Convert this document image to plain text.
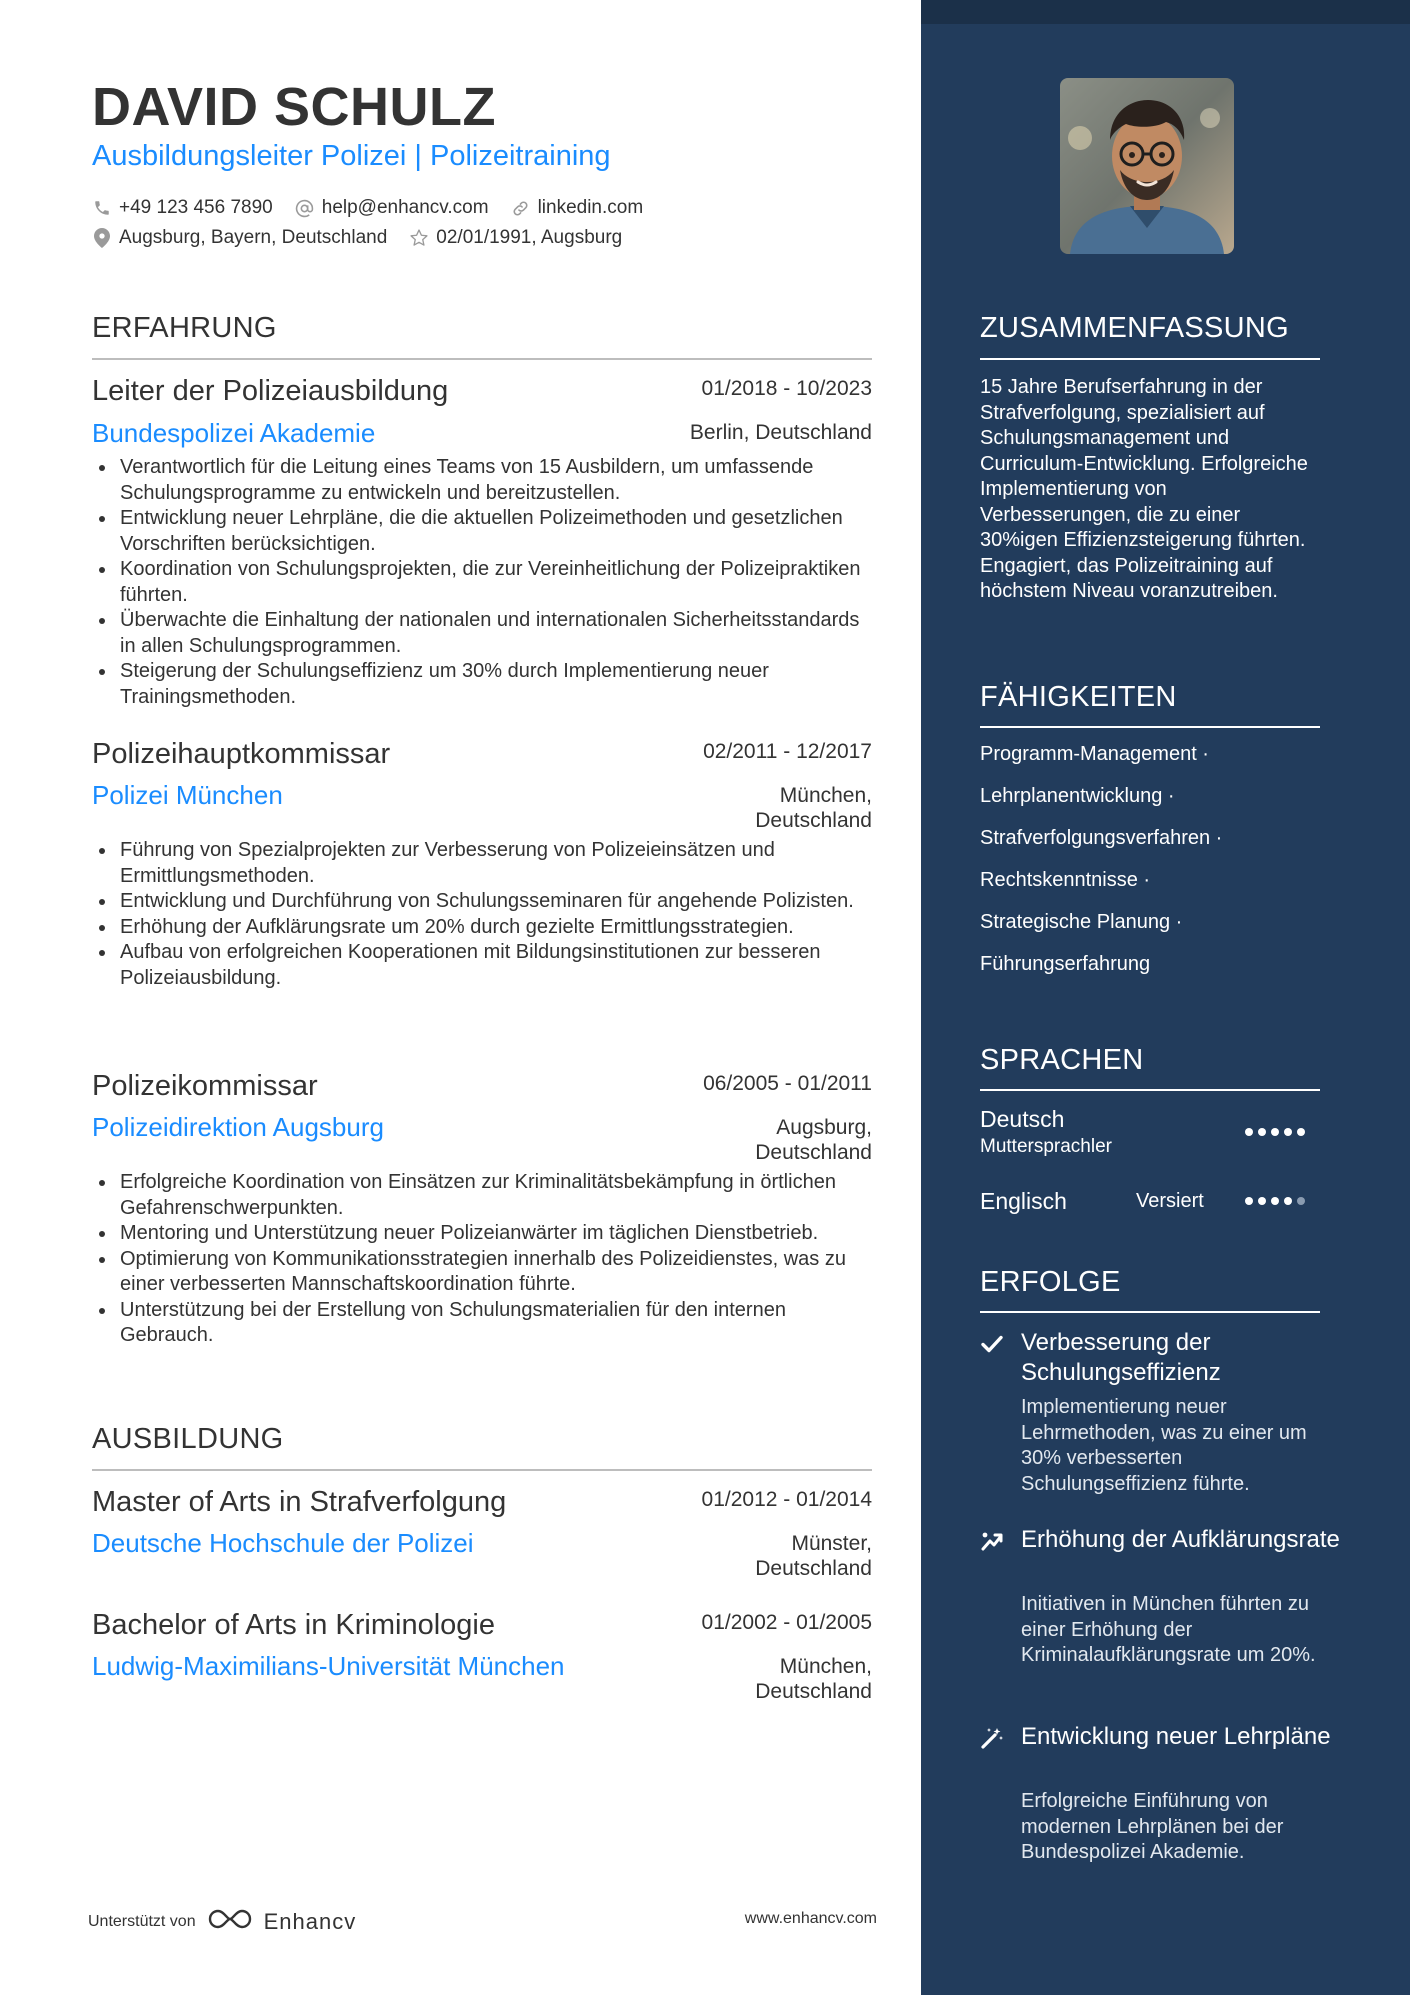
DAVID SCHULZ
Ausbildungsleiter Polizei | Polizeitraining
+49 123 456 7890	help@enhancv.com	linkedin.com
Augsburg, Bayern, Deutschland	02/01/1991, Augsburg
ERFAHRUNG
Leiter der Polizeiausbildung	01/2018 - 10/2023
Bundespolizei Akademie	Berlin, Deutschland
Verantwortlich für die Leitung eines Teams von 15 Ausbildern, um umfassende Schulungsprogramme zu entwickeln und bereitzustellen.
Entwicklung neuer Lehrpläne, die die aktuellen Polizeimethoden und gesetzlichen Vorschriften berücksichtigen.
Koordination von Schulungsprojekten, die zur Vereinheitlichung der Polizeipraktiken führten.
Überwachte die Einhaltung der nationalen und internationalen Sicherheitsstandards in allen Schulungsprogrammen.
Steigerung der Schulungseffizienz um 30% durch Implementierung neuer Trainingsmethoden.
Polizeihauptkommissar	02/2011 - 12/2017
Polizei München	München,
Deutschland
Führung von Spezialprojekten zur Verbesserung von Polizeieinsätzen und Ermittlungsmethoden.
Entwicklung und Durchführung von Schulungsseminaren für angehende Polizisten.
Erhöhung der Aufklärungsrate um 20% durch gezielte Ermittlungsstrategien.
Aufbau von erfolgreichen Kooperationen mit Bildungsinstitutionen zur besseren Polizeiausbildung.
Polizeikommissar	06/2005 - 01/2011
Polizeidirektion Augsburg	Augsburg,
Deutschland
Erfolgreiche Koordination von Einsätzen zur Kriminalitätsbekämpfung in örtlichen Gefahrenschwerpunkten.
Mentoring und Unterstützung neuer Polizeianwärter im täglichen Dienstbetrieb.
Optimierung von Kommunikationsstrategien innerhalb des Polizeidienstes, was zu einer verbesserten Mannschaftskoordination führte.
Unterstützung bei der Erstellung von Schulungsmaterialien für den internen Gebrauch.
AUSBILDUNG
Master of Arts in Strafverfolgung	01/2012 - 01/2014
Deutsche Hochschule der Polizei	Münster,
Deutschland
Bachelor of Arts in Kriminologie	01/2002 - 01/2005
Ludwig-Maximilians-Universität München	München,
Deutschland
Unterstützt von	Enhancv	www.enhancv.com
ZUSAMMENFASSUNG
15 Jahre Berufserfahrung in der Strafverfolgung, spezialisiert auf Schulungsmanagement und Curriculum-Entwicklung. Erfolgreiche Implementierung von Verbesserungen, die zu einer 30%igen Effizienzsteigerung führten. Engagiert, das Polizeitraining auf höchstem Niveau voranzutreiben.
FÄHIGKEITEN
Programm-Management ·
Lehrplanentwicklung ·
Strafverfolgungsverfahren ·
Rechtskenntnisse ·
Strategische Planung ·
Führungserfahrung
SPRACHEN
Deutsch
Muttersprachler
Englisch	Versiert
ERFOLGE
Verbesserung der Schulungseffizienz
Implementierung neuer Lehrmethoden, was zu einer um 30% verbesserten Schulungseffizienz führte.
Erhöhung der Aufklärungsrate
Initiativen in München führten zu einer Erhöhung der Kriminalaufklärungsrate um 20%.
Entwicklung neuer Lehrpläne
Erfolgreiche Einführung von modernen Lehrplänen bei der Bundespolizei Akademie.
